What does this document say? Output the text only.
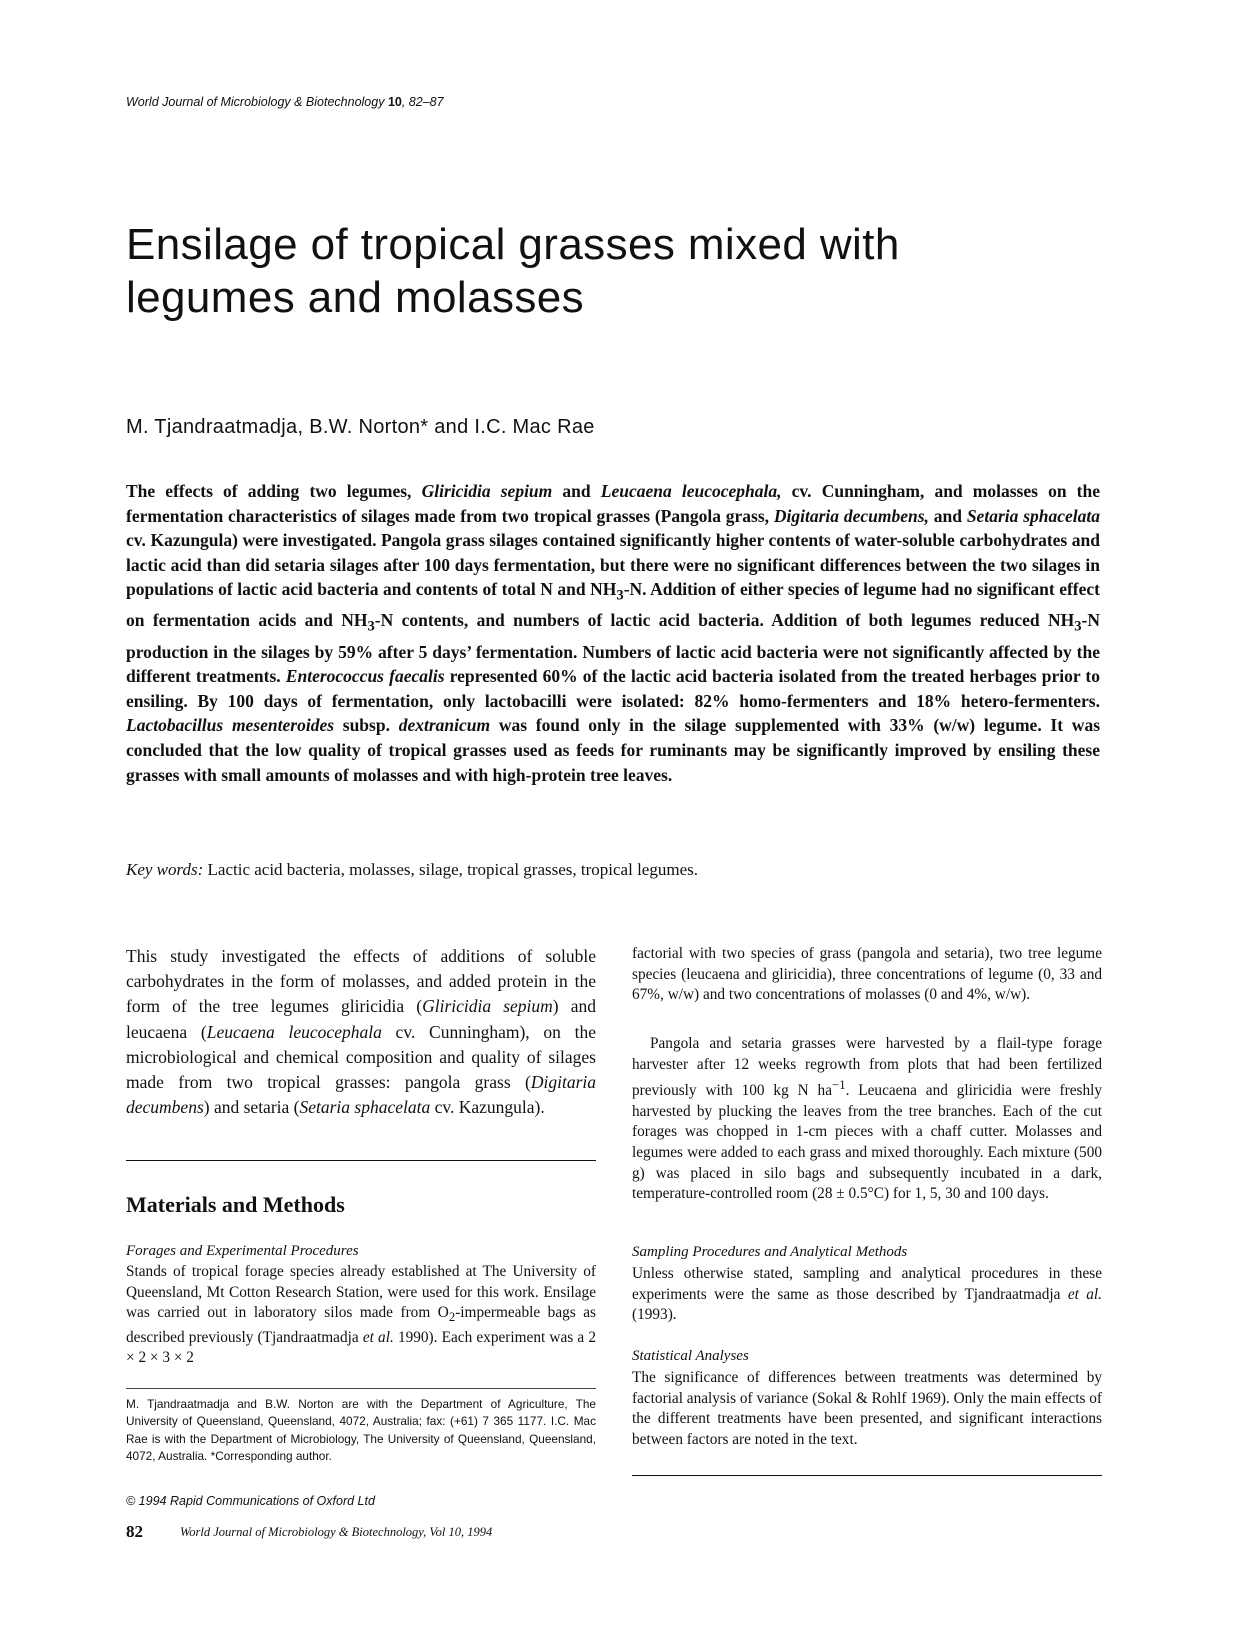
World Journal of Microbiology & Biotechnology 10, 82–87
Ensilage of tropical grasses mixed with
legumes and molasses
M. Tjandraatmadja, B.W. Norton* and I.C. Mac Rae

The effects of adding two legumes, Gliricidia sepium and Leucaena leucocephala, cv. Cunningham, and molasses on the fermentation characteristics of silages made from two tropical grasses (Pangola grass, Digitaria decumbens, and Setaria sphacelata cv. Kazungula) were investigated. Pangola grass silages contained significantly higher contents of water-soluble carbohydrates and lactic acid than did setaria silages after 100 days fermentation, but there were no significant differences between the two silages in populations of lactic acid bacteria and contents of total N and $NH_3-N$. Addition of either species of legume had no significant effect on fermentation acids and $NH_3-N$ contents, and numbers of lactic acid bacteria. Addition of both legumes reduced $NH_3-N$ production in the silages by 59% after 5 days’ fermentation. Numbers of lactic acid bacteria were not significantly affected by the different treatments. Enterococcus faecalis represented 60% of the lactic acid bacteria isolated from the treated herbages prior to ensiling. By 100 days of fermentation, only lactobacilli were isolated: 82% homo-fermenters and 18% hetero-fermenters. Lactobacillus mesenteroides subsp. dextranicum was found only in the silage supplemented with 33% (w/w) legume. It was concluded that the low quality of tropical grasses used as feeds for ruminants may be significantly improved by ensiling these grasses with small amounts of molasses and with high-protein tree leaves.

Key words: Lactic acid bacteria, molasses, silage, tropical grasses, tropical legumes.

This study investigated the effects of additions of soluble carbohydrates in the form of molasses, and added protein in the form of the tree legumes gliricidia (Gliricidia sepium) and leucaena (Leucaena leucocephala cv. Cunningham), on the microbiological and chemical composition and quality of silages made from two tropical grasses: pangola grass (Digitaria decumbens) and setaria (Setaria sphacelata cv. Kazungula).

Materials and Methods
Forages and Experimental Procedures

Stands of tropical forage species already established at The University of Queensland, Mt Cotton Research Station, were used for this work. Ensilage was carried out in laboratory silos made from $O_2$-impermeable bags as described previously (Tjandraatmadja et al. 1990). Each experiment was a 2 × 2 × 3 × 2

M. Tjandraatmadja and B.W. Norton are with the Department of Agriculture, The University of Queensland, Queensland, 4072, Australia; fax: (+61) 7 365 1177. I.C. Mac Rae is with the Department of Microbiology, The University of Queensland, Queensland, 4072, Australia. *Corresponding author.

© 1994 Rapid Communications of Oxford Ltd
82	World Journal of Microbiology & Biotechnology, Vol 10, 1994

factorial with two species of grass (pangola and setaria), two tree legume species (leucaena and gliricidia), three concentrations of legume (0, 33 and 67%, w/w) and two concentrations of molasses (0 and 4%, w/w).

Pangola and setaria grasses were harvested by a flail-type forage harvester after 12 weeks regrowth from plots that had been fertilized previously with 100 kg N $ha^{-1}$. Leucaena and gliricidia were freshly harvested by plucking the leaves from the tree branches. Each of the cut forages was chopped in 1-cm pieces with a chaff cutter. Molasses and legumes were added to each grass and mixed thoroughly. Each mixture (500 g) was placed in silo bags and subsequently incubated in a dark, temperature-controlled room (28 ± 0.5°C) for 1, 5, 30 and 100 days.

Sampling Procedures and Analytical Methods

Unless otherwise stated, sampling and analytical procedures in these experiments were the same as those described by Tjandraatmadja et al. (1993).

Statistical Analyses

The significance of differences between treatments was determined by factorial analysis of variance (Sokal & Rohlf 1969). Only the main effects of the different treatments have been presented, and significant interactions between factors are noted in the text.
